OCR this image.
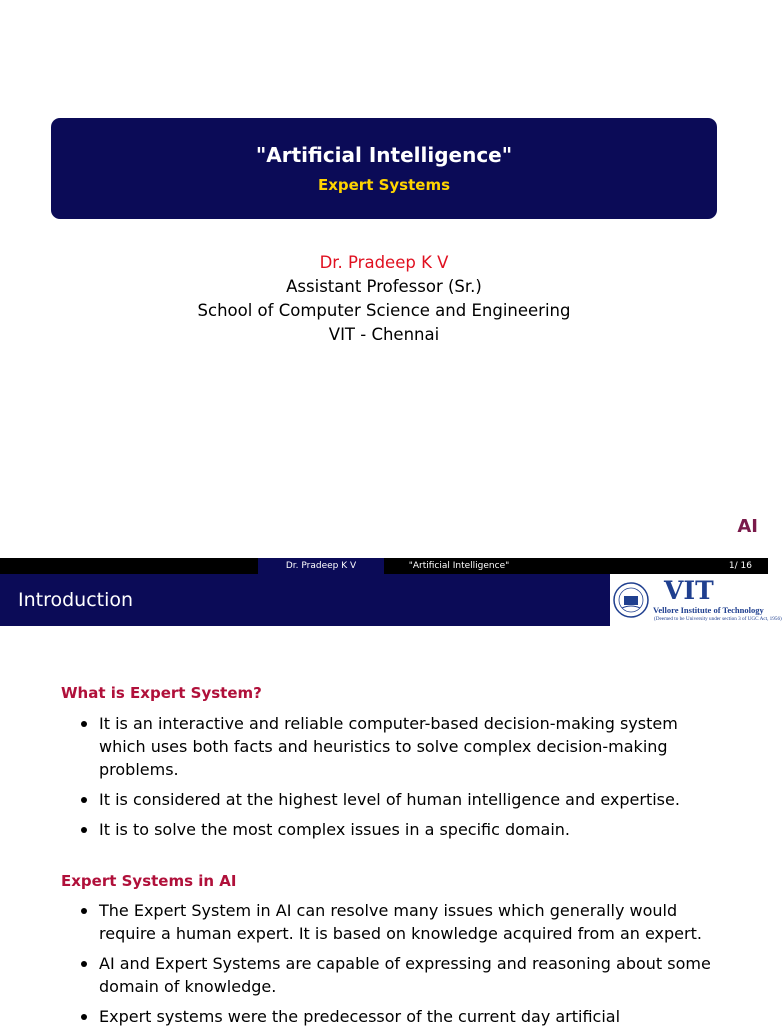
"Artificial Intelligence"
Expert Systems
Dr. Pradeep K V
Assistant Professor (Sr.)
School of Computer Science and Engineering
VIT - Chennai
AI
Dr. Pradeep K V	"Artificial Intelligence"	1/ 16
Introduction	VIT
Vellore Institute of Technology
(Deemed to be University under section 3 of UGC Act, 1956)
What is Expert System?
It is an interactive and reliable computer-based decision-making system which uses both facts and heuristics to solve complex decision-making problems.
It is considered at the highest level of human intelligence and expertise.
It is to solve the most complex issues in a specific domain.
Expert Systems in AI
The Expert System in AI can resolve many issues which generally would require a human expert. It is based on knowledge acquired from an expert.
AI and Expert Systems are capable of expressing and reasoning about some domain of knowledge.
Expert systems were the predecessor of the current day artificial
